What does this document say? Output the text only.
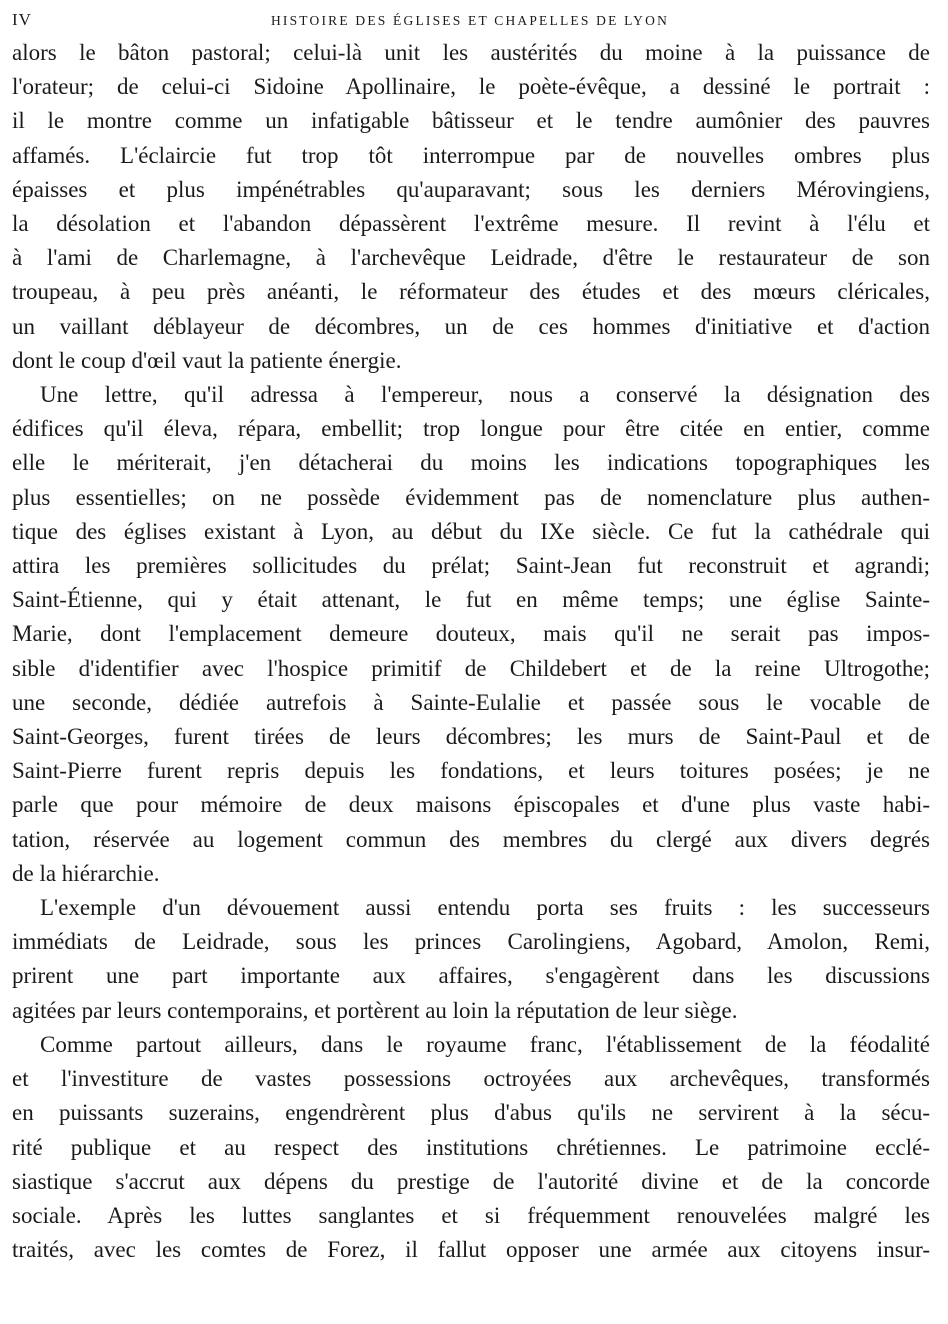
IV	HISTOIRE DES ÉGLISES ET CHAPELLES DE LYON
alors le bâton pastoral; celui-là unit les austérités du moine à la puissance de
l'orateur; de celui-ci Sidoine Apollinaire, le poète-évêque, a dessiné le portrait :
il le montre comme un infatigable bâtisseur et le tendre aumônier des pauvres
affamés. L'éclaircie fut trop tôt interrompue par de nouvelles ombres plus
épaisses et plus impénétrables qu'auparavant; sous les derniers Mérovingiens,
la désolation et l'abandon dépassèrent l'extrême mesure. Il revint à l'élu et
à l'ami de Charlemagne, à l'archevêque Leidrade, d'être le restaurateur de son
troupeau, à peu près anéanti, le réformateur des études et des mœurs cléricales,
un vaillant déblayeur de décombres, un de ces hommes d'initiative et d'action
dont le coup d'œil vaut la patiente énergie.
Une lettre, qu'il adressa à l'empereur, nous a conservé la désignation des
édifices qu'il éleva, répara, embellit; trop longue pour être citée en entier, comme
elle le mériterait, j'en détacherai du moins les indications topographiques les
plus essentielles; on ne possède évidemment pas de nomenclature plus authen-
tique des églises existant à Lyon, au début du IXe siècle. Ce fut la cathédrale qui
attira les premières sollicitudes du prélat; Saint-Jean fut reconstruit et agrandi;
Saint-Étienne, qui y était attenant, le fut en même temps; une église Sainte-
Marie, dont l'emplacement demeure douteux, mais qu'il ne serait pas impos-
sible d'identifier avec l'hospice primitif de Childebert et de la reine Ultrogothe;
une seconde, dédiée autrefois à Sainte-Eulalie et passée sous le vocable de
Saint-Georges, furent tirées de leurs décombres; les murs de Saint-Paul et de
Saint-Pierre furent repris depuis les fondations, et leurs toitures posées; je ne
parle que pour mémoire de deux maisons épiscopales et d'une plus vaste habi-
tation, réservée au logement commun des membres du clergé aux divers degrés
de la hiérarchie.
L'exemple d'un dévouement aussi entendu porta ses fruits : les successeurs
immédiats de Leidrade, sous les princes Carolingiens, Agobard, Amolon, Remi,
prirent une part importante aux affaires, s'engagèrent dans les discussions
agitées par leurs contemporains, et portèrent au loin la réputation de leur siège.
Comme partout ailleurs, dans le royaume franc, l'établissement de la féodalité
et l'investiture de vastes possessions octroyées aux archevêques, transformés
en puissants suzerains, engendrèrent plus d'abus qu'ils ne servirent à la sécu-
rité publique et au respect des institutions chrétiennes. Le patrimoine ecclé-
siastique s'accrut aux dépens du prestige de l'autorité divine et de la concorde
sociale. Après les luttes sanglantes et si fréquemment renouvelées malgré les
traités, avec les comtes de Forez, il fallut opposer une armée aux citoyens insur-
